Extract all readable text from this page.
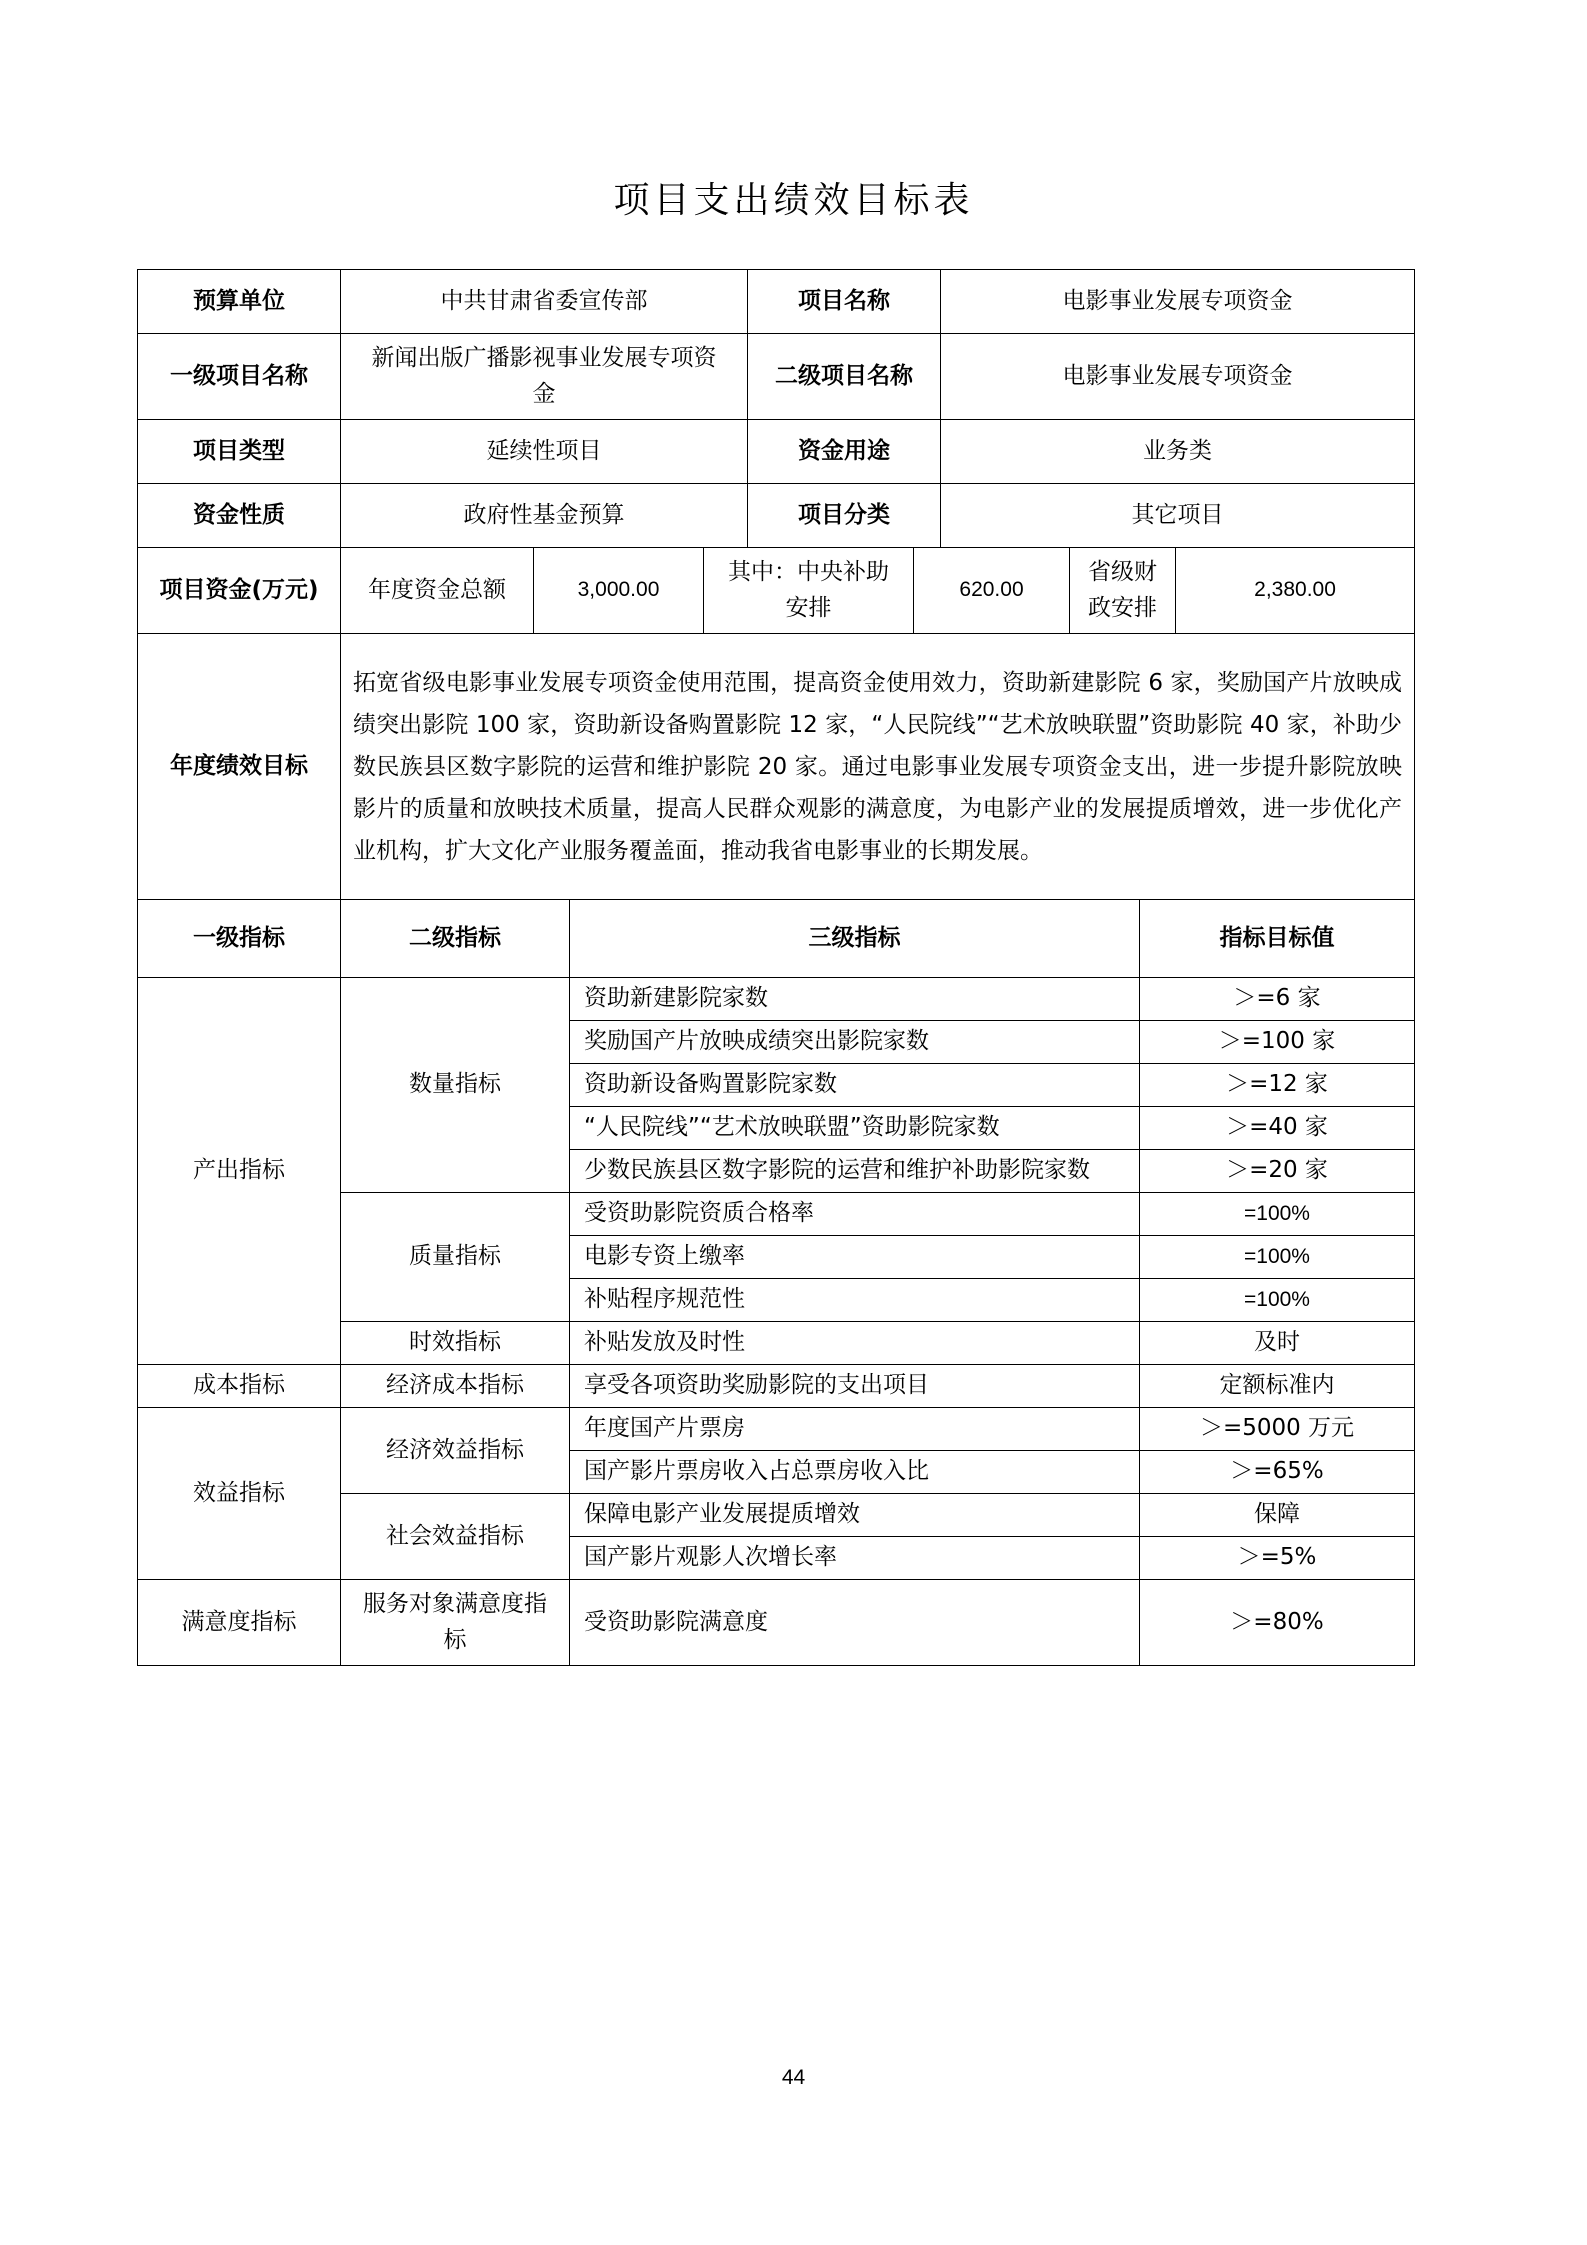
项目支出绩效目标表
预算单位	中共甘肃省委宣传部			项目名称		电影事业发展专项资金		
一级项目名称	新闻出版广播影视事业发展专项资金			二级项目名称		电影事业发展专项资金		
项目类型	延续性项目			资金用途		业务类		
资金性质	政府性基金预算			项目分类		其它项目		
项目资金(万元)	年度资金总额	3,000.00	其中：中央补助安排		620.00		省级财政安排	2,380.00
年度绩效目标	拓宽省级电影事业发展专项资金使用范围，提高资金使用效力，资助新建影院 6 家，奖励国产片放映成绩突出影院 100 家，资助新设备购置影院 12 家，“人民院线”“艺术放映联盟”资助影院 40 家，补助少数民族县区数字影院的运营和维护影院 20 家。通过电影事业发展专项资金支出，进一步提升影院放映影片的质量和放映技术质量，提高人民群众观影的满意度，为电影产业的发展提质增效，进一步优化产业机构，扩大文化产业服务覆盖面，推动我省电影事业的长期发展。							
一级指标	二级指标	三级指标	指标目标值
产出指标	数量指标	资助新建影院家数	＞=6 家
		奖励国产片放映成绩突出影院家数	＞=100 家
		资助新设备购置影院家数	＞=12 家
		“人民院线”“艺术放映联盟”资助影院家数	＞=40 家
		少数民族县区数字影院的运营和维护补助影院家数	＞=20 家
	质量指标	受资助影院资质合格率	=100%
		电影专资上缴率	=100%
		补贴程序规范性	=100%
	时效指标	补贴发放及时性	及时
成本指标	经济成本指标	享受各项资助奖励影院的支出项目	定额标准内
效益指标	经济效益指标	年度国产片票房	＞=5000 万元
		国产影片票房收入占总票房收入比	＞=65%
	社会效益指标	保障电影产业发展提质增效	保障
		国产影片观影人次增长率	＞=5%
满意度指标	服务对象满意度指标	受资助影院满意度	＞=80%
44
